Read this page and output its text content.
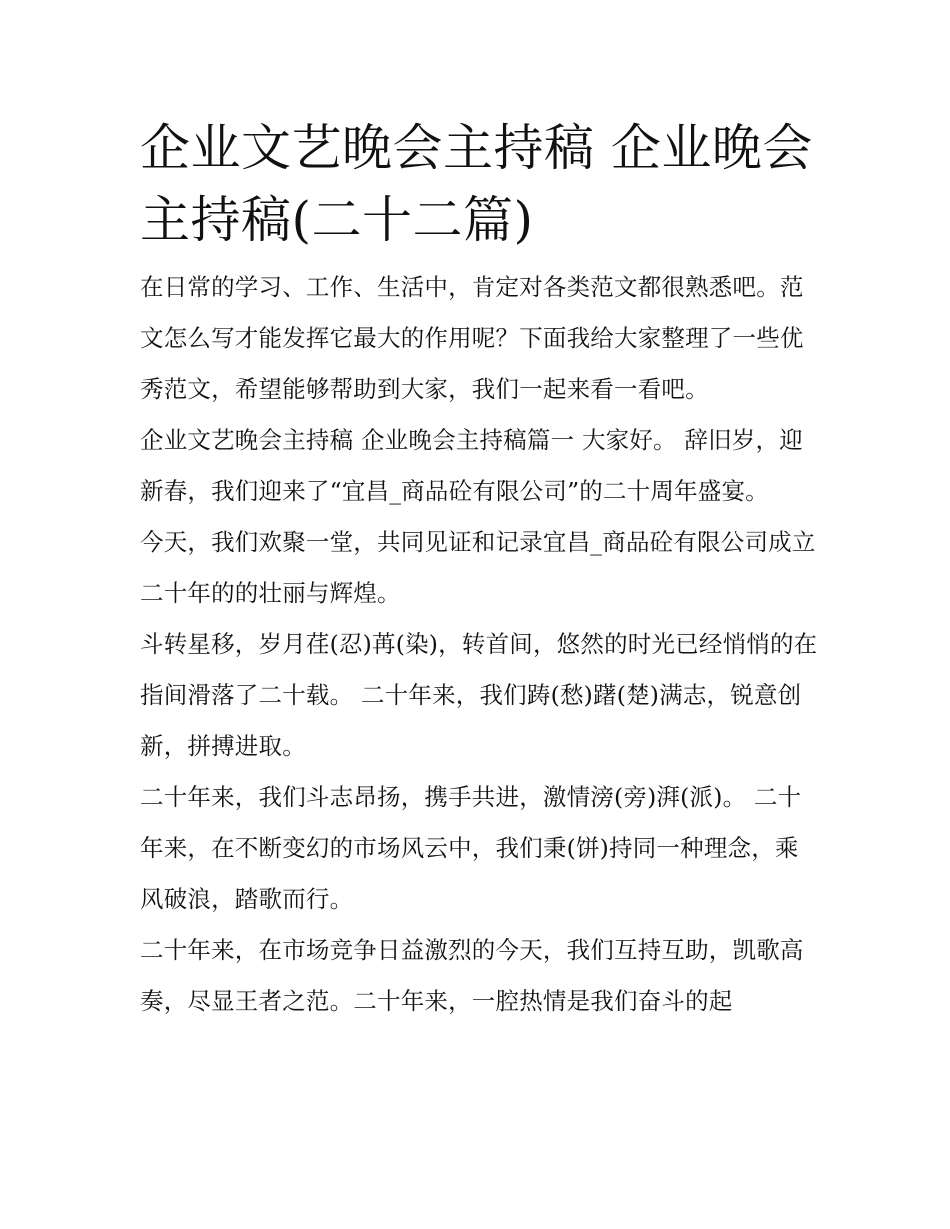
企业文艺晚会主持稿 企业晚会主持稿(二十二篇)

在日常的学习、工作、生活中，肯定对各类范文都很熟悉吧。范文怎么写才能发挥它最大的作用呢？下面我给大家整理了一些优秀范文，希望能够帮助到大家，我们一起来看一看吧。

企业文艺晚会主持稿 企业晚会主持稿篇一 大家好。 辞旧岁，迎新春，我们迎来了“宜昌_商品砼有限公司”的二十周年盛宴。

今天，我们欢聚一堂，共同见证和记录宜昌_商品砼有限公司成立二十年的的壮丽与辉煌。

斗转星移，岁月荏(忍)苒(染)，转首间，悠然的时光已经悄悄的在指间滑落了二十载。 二十年来，我们踌(愁)躇(楚)满志，锐意创新，拼搏进取。

二十年来，我们斗志昂扬，携手共进，激情滂(旁)湃(派)。 二十年来，在不断变幻的市场风云中，我们秉(饼)持同一种理念，乘风破浪，踏歌而行。

二十年来，在市场竞争日益激烈的今天，我们互持互助，凯歌高奏，尽显王者之范。二十年来，一腔热情是我们奋斗的起
